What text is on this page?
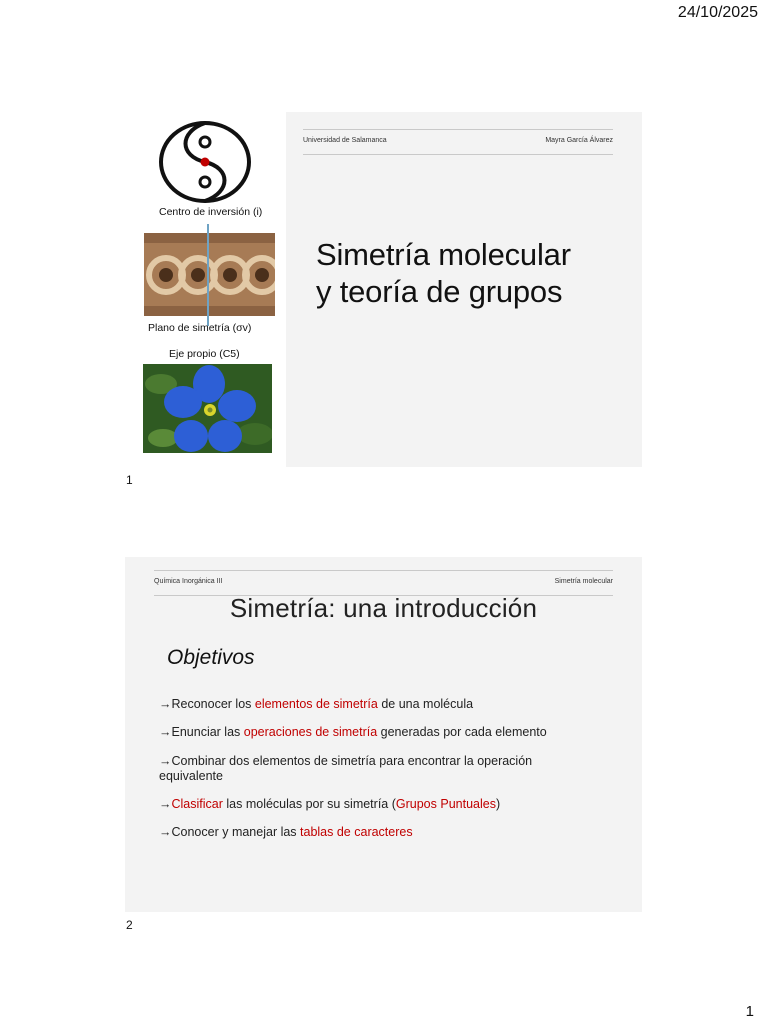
24/10/2025
Centro de inversión (i)
Plano de simetría (σv)
Eje propio (C5)
Universidad de Salamanca	Mayra García Álvarez
Simetría molecular
y teoría de grupos
1
Química Inorgánica III	Simetría molecular
Simetría: una introducción
Objetivos
→Reconocer los elementos de simetría de una molécula
→Enunciar las operaciones de simetría generadas por cada elemento
→Combinar dos elementos de simetría para encontrar la operación equivalente
→Clasificar las moléculas por su simetría (Grupos Puntuales)
→Conocer y manejar las tablas de caracteres
2
1
